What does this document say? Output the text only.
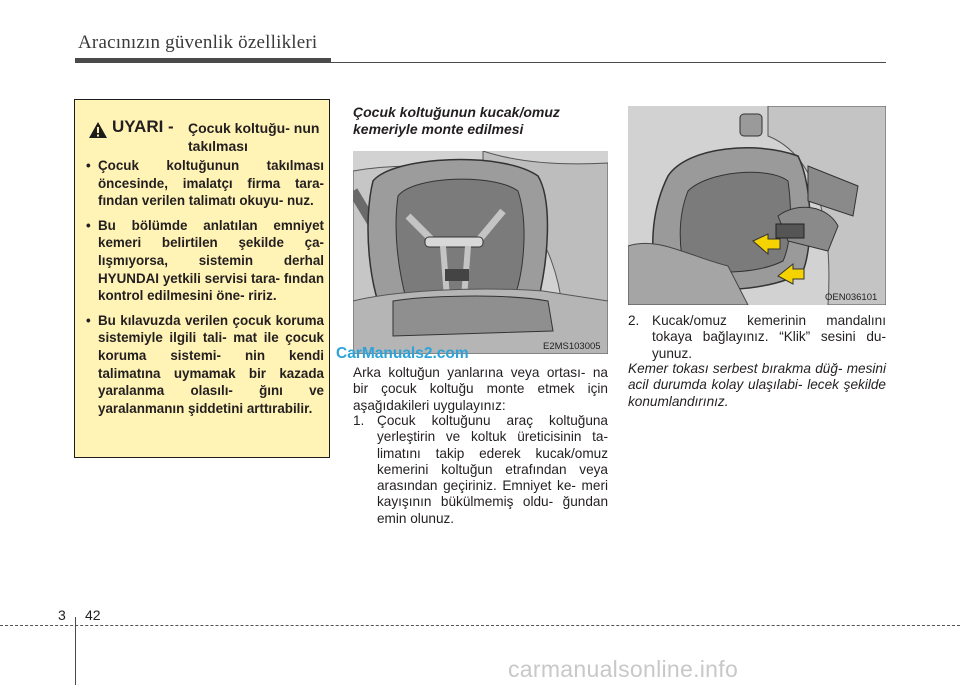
Aracınızın güvenlik özellikleri
UYARI - Çocuk koltuğu- nun takılması
• Çocuk koltuğunun takılması öncesinde, imalatçı firma tara- fından verilen talimatı okuyu- nuz.
• Bu bölümde anlatılan emniyet kemeri belirtilen şekilde ça- lışmıyorsa, sistemin derhal HYUNDAI yetkili servisi tara- fından kontrol edilmesini öne- ririz.
• Bu kılavuzda verilen çocuk koruma sistemiyle ilgili tali- mat ile çocuk koruma sistemi- nin kendi talimatına uymamak bir kazada yaralanma olasılı- ğını ve yaralanmanın şiddetini arttırabilir.
Çocuk koltuğunun kucak/omuz kemeriyle monte edilmesi
E2MS103005
CarManuals2.com
OEN036101
Arka koltuğun yanlarına veya ortası- na bir çocuk koltuğu monte etmek için aşağıdakileri uygulayınız:
1. Çocuk koltuğunu araç koltuğuna yerleştirin ve koltuk üreticisinin ta- limatını takip ederek kucak/omuz kemerini koltuğun etrafından veya arasından geçiriniz. Emniyet ke- meri kayışının bükülmemiş oldu- ğundan emin olunuz.
2. Kucak/omuz kemerinin mandalını tokaya bağlayınız. “Klik” sesini du- yunuz.
Kemer tokası serbest bırakma düğ- mesini acil durumda kolay ulaşılabi- lecek şekilde konumlandırınız.
3 42
carmanualsonline.info
